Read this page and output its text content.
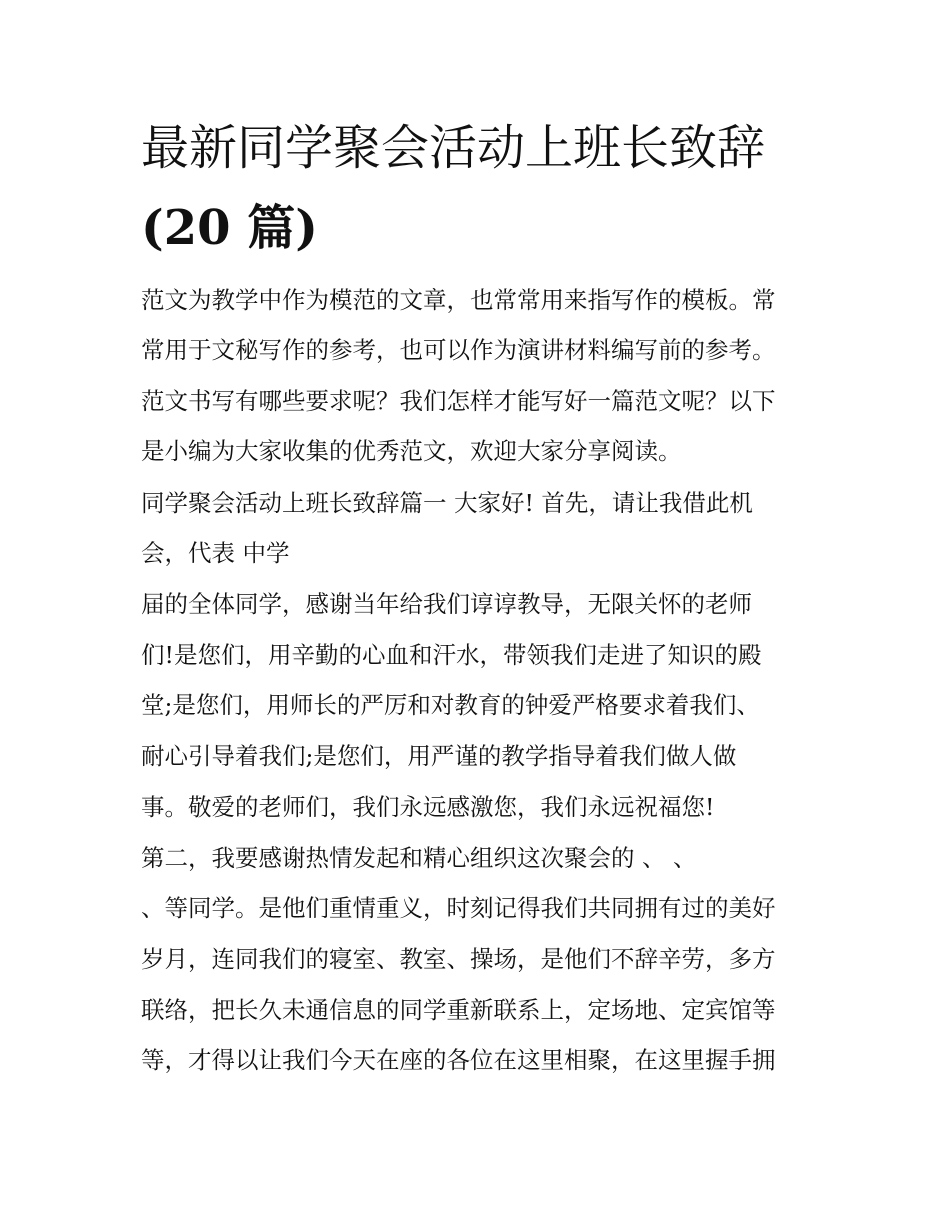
最新同学聚会活动上班长致辞
(20 篇)
范文为教学中作为模范的文章，也常常用来指写作的模板。常
常用于文秘写作的参考，也可以作为演讲材料编写前的参考。
范文书写有哪些要求呢？我们怎样才能写好一篇范文呢？以下
是小编为大家收集的优秀范文，欢迎大家分享阅读。
同学聚会活动上班长致辞篇一 大家好! 首先，请让我借此机
会，代表 中学
届的全体同学，感谢当年给我们谆谆教导，无限关怀的老师
们!是您们，用辛勤的心血和汗水，带领我们走进了知识的殿
堂;是您们，用师长的严厉和对教育的钟爱严格要求着我们、
耐心引导着我们;是您们，用严谨的教学指导着我们做人做
事。敬爱的老师们，我们永远感激您，我们永远祝福您!
第二，我要感谢热情发起和精心组织这次聚会的 、 、
、等同学。是他们重情重义，时刻记得我们共同拥有过的美好
岁月，连同我们的寝室、教室、操场，是他们不辞辛劳，多方
联络，把长久未通信息的同学重新联系上，定场地、定宾馆等
等，才得以让我们今天在座的各位在这里相聚，在这里握手拥
